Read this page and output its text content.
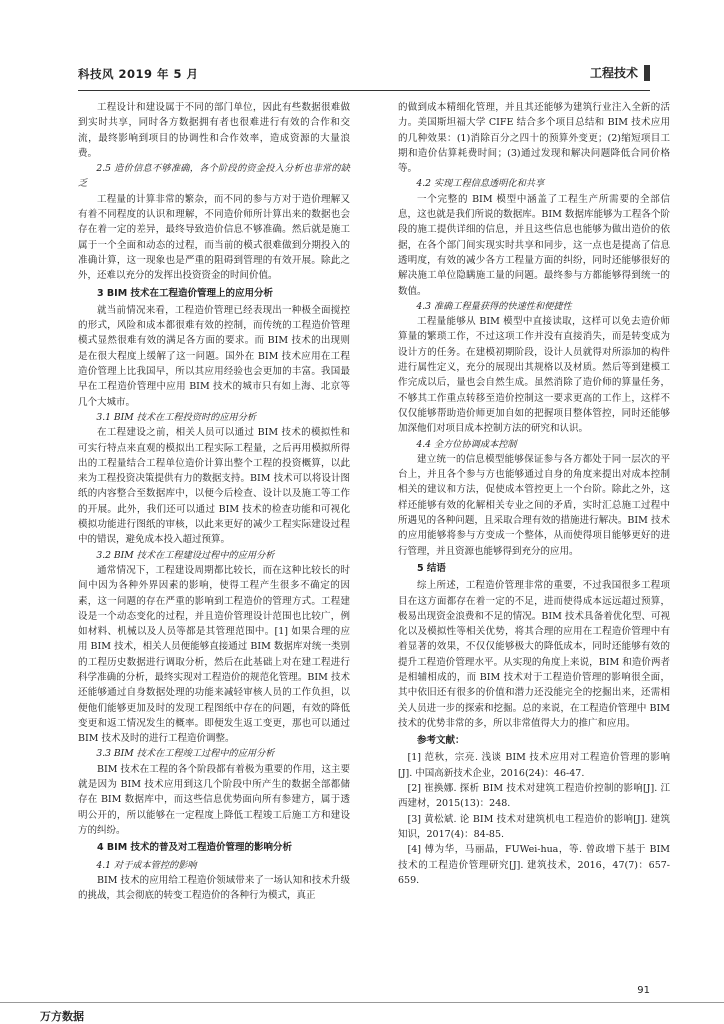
科技风 2019 年 5 月	工程技术

工程设计和建设属于不同的部门单位，因此有些数据很难做到实时共享，同时各方数据拥有者也很难进行有效的合作和交流，最终影响到项目的协调性和合作效率，造成资源的大量浪费。

2.5 造价信息不够准确，各个阶段的资金投入分析也非常的缺乏

工程量的计算非常的繁杂，而不同的参与方对于造价理解又有着不同程度的认识和理解，不同造价师所计算出来的数据也会存在着一定的差异，最终导致造价信息不够准确。然后就是施工属于一个全面和动态的过程，而当前的模式很难做到分期投入的准确计算，这一现象也是严重的阻碍到管理的有效开展。除此之外，还难以充分的发挥出投资资金的时间价值。

3 BIM 技术在工程造价管理上的应用分析

就当前情况来看，工程造价管理已经表现出一种极全面搅控的形式，风险和成本都很难有效的控制，而传统的工程造价管理模式显然很难有效的满足各方面的要求。而 BIM 技术的出现则是在很大程度上缓解了这一问题。国外在 BIM 技术应用在工程造价管理上比我国早，所以其应用经验也会更加的丰富。我国最早在工程造价管理中应用 BIM 技术的城市只有如上海、北京等几个大城市。

3.1 BIM 技术在工程投资时的应用分析

在工程建设之前，相关人员可以通过 BIM 技术的模拟性和可实行特点来直观的模拟出工程实际工程量，之后再用模拟所得出的工程量结合工程单位造价计算出整个工程的投资概算，以此来为工程投资决策提供有力的数据支持。BIM 技术可以将设计图纸的内容整合至数据库中，以便今后检查、设计以及施工等工作的开展。此外，我们还可以通过 BIM 技术的检查功能和可视化模拟功能进行图纸的审核，以此来更好的减少工程实际建设过程中的错误，避免成本投入超过预算。

3.2 BIM 技术在工程建设过程中的应用分析

通常情况下，工程建设周期都比较长，而在这种比较长的时间中因为各种外界因素的影响，使得工程产生很多不确定的因素，这一问题的存在严重的影响到工程造价的管理方式。工程建设是一个动态变化的过程，并且造价管理设计范围也比较广，例如材料、机械以及人员等都是其管理范围中。[1] 如果合理的应用 BIM 技术，相关人员便能够直接通过 BIM 数据库对统一类别的工程历史数据进行调取分析，然后在此基础上对在建工程进行科学准确的分析，最终实现对工程造价的规范化管理。BIM 技术还能够通过自身数据处理的功能来减轻审核人员的工作负担，以便他们能够更加及时的发现工程图纸中存在的问题，有效的降低变更和返工情况发生的概率。即便发生返工变更，那也可以通过 BIM 技术及时的进行工程造价调整。

3.3 BIM 技术在工程竣工过程中的应用分析

BIM 技术在工程的各个阶段都有着极为重要的作用，这主要就是因为 BIM 技术应用到这几个阶段中所产生的数据全部都储存在 BIM 数据库中，而这些信息优势面向所有参建方，属于透明公开的，所以能够在一定程度上降低工程竣工后施工方和建设方的纠纷。

4 BIM 技术的普及对工程造价管理的影响分析
4.1 对于成本管控的影响

BIM 技术的应用给工程造价领域带来了一场认知和技术升级的挑战，其会彻底的转变工程造价的各种行为模式，真正

的做到成本精细化管理，并且其还能够为建筑行业注入全新的活力。美国斯坦福大学 CIFE 结合多个项目总结和 BIM 技术应用的几种效果：(1)消除百分之四十的预算外变更；(2)缩短项目工期和造价估算耗费时间；(3)通过发现和解决问题降低合同价格等。

4.2 实现工程信息透明化和共享

一个完整的 BIM 模型中涵盖了工程生产所需要的全部信息，这也就是我们所说的数据库。BIM 数据库能够为工程各个阶段的施工提供详细的信息，并且这些信息也能够为做出造价的依据，在各个部门间实现实时共享和同步，这一点也是提高了信息透明度，有效的减少各方工程量方面的纠纷，同时还能够很好的解决施工单位隐瞒施工量的问题。最终参与方都能够得到统一的数值。

4.3 准确工程量获得的快速性和便捷性

工程量能够从 BIM 模型中直接读取，这样可以免去造价师算量的繁琐工作，不过这项工作并没有直接消失，而是转变成为设计方的任务。在建模初期阶段，设计人员就得对所添加的构件进行属性定义，充分的展现出其规格以及材质。然后等到建模工作完成以后，量也会自然生成。虽然消除了造价师的算量任务，不够其工作重点转移至造价控制这一要求更高的工作上，这样不仅仅能够帮助造价师更加自如的把握项目整体管控，同时还能够加深他们对项目成本控制方法的研究和认识。

4.4 全方位协调成本控制

建立统一的信息模型能够保证参与各方都处于同一层次的平台上，并且各个参与方也能够通过自身的角度来提出对成本控制相关的建议和方法，促使成本管控更上一个台阶。除此之外，这样还能够有效的化解相关专业之间的矛盾，实时汇总施工过程中所遇见的各种问题，且采取合理有效的措施进行解决。BIM 技术的应用能够将参与方变成一个整体，从而使得项目能够更好的进行管理，并且资源也能够得到充分的应用。

5 结语

综上所述，工程造价管理非常的重要，不过我国很多工程项目在这方面都存在着一定的不足，进而使得成本远远超过预算，极易出现资金浪费和不足的情况。BIM 技术具备着优化型、可视化以及模拟性等相关优势，将其合理的应用在工程造价管理中有着显著的效果，不仅仅能够极大的降低成本，同时还能够有效的提升工程造价管理水平。从实现的角度上来说，BIM 和造价两者是相辅相成的，而 BIM 技术对于工程造价管理的影响很全面，其中依旧还有很多的价值和潜力还没能完全的挖掘出来，还需相关人员进一步的探索和挖掘。总的来说，在工程造价管理中 BIM 技术的优势非常的多，所以非常值得大力的推广和应用。

参考文献：

[1] 范秋，宗亮. 浅谈 BIM 技术应用对工程造价管理的影响[J]. 中国高新技术企业，2016(24)：46-47.

[2] 崔换娜. 探析 BIM 技术对建筑工程造价控制的影响[J]. 江西建材，2015(13)：248.

[3] 黄松斌. 论 BIM 技术对建筑机电工程造价的影响[J]. 建筑知识，2017(4)：84-85.

[4] 傅为华，马丽晶，FUWei-hua，等. 曾政增下基于 BIM 技术的工程造价管理研究[J]. 建筑技术，2016，47(7)：657-659.

91
万方数据
